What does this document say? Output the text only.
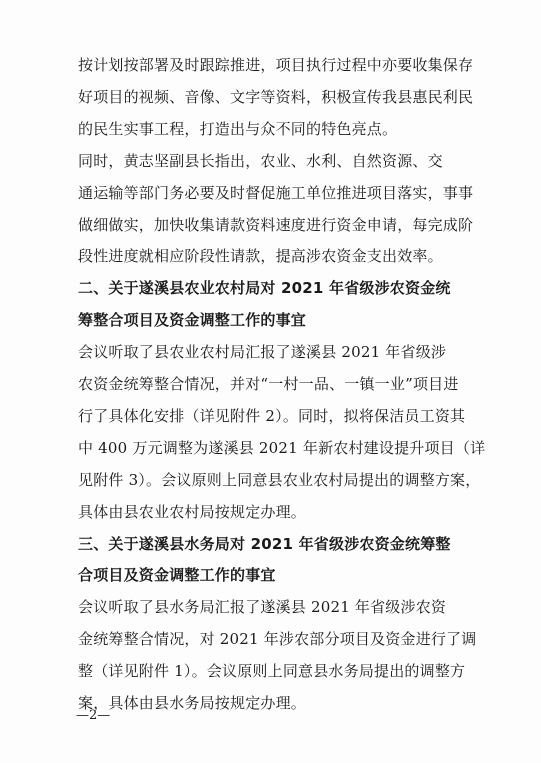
按计划按部署及时跟踪推进，项目执行过程中亦要收集保存
好项目的视频、音像、文字等资料，积极宣传我县惠民利民
的民生实事工程，打造出与众不同的特色亮点。
同时，黄志坚副县长指出，农业、水利、自然资源、交
通运输等部门务必要及时督促施工单位推进项目落实，事事
做细做实，加快收集请款资料速度进行资金申请，每完成阶
段性进度就相应阶段性请款，提高涉农资金支出效率。
二、关于遂溪县农业农村局对 2021 年省级涉农资金统
筹整合项目及资金调整工作的事宜
会议听取了县农业农村局汇报了遂溪县 2021 年省级涉
农资金统筹整合情况，并对“一村一品、一镇一业”项目进
行了具体化安排（详见附件 2）。同时，拟将保洁员工资其
中 400 万元调整为遂溪县 2021 年新农村建设提升项目（详
见附件 3）。会议原则上同意县农业农村局提出的调整方案，
具体由县农业农村局按规定办理。
三、关于遂溪县水务局对 2021 年省级涉农资金统筹整
合项目及资金调整工作的事宜
会议听取了县水务局汇报了遂溪县 2021 年省级涉农资
金统筹整合情况，对 2021 年涉农部分项目及资金进行了调
整（详见附件 1）。会议原则上同意县水务局提出的调整方
案，具体由县水务局按规定办理。
—2—
